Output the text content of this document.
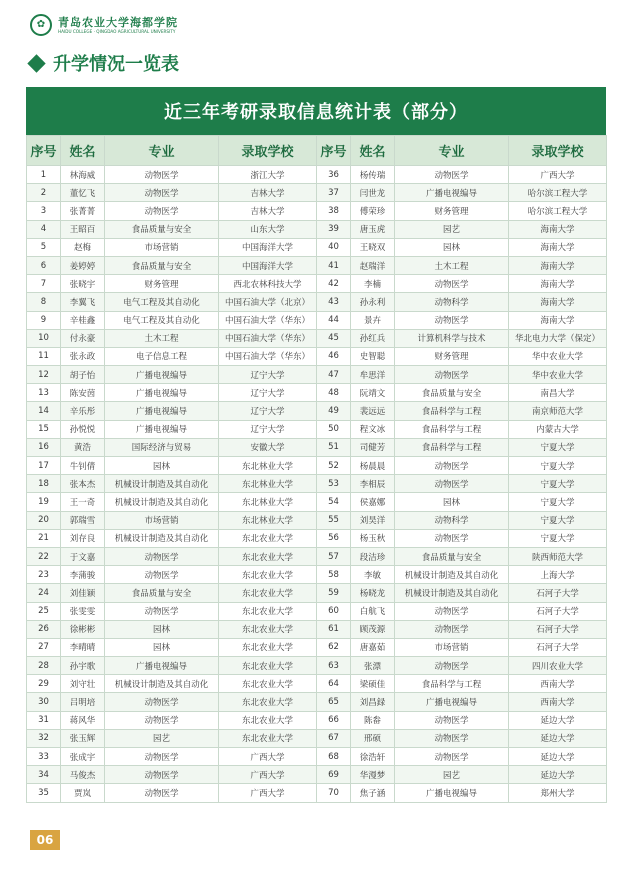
✿	青岛农业大学海都学院
HAIDU COLLEGE · QINGDAO AGRICULTURAL UNIVERSITY
升学情况一览表
近三年考研录取信息统计表（部分）
序号	姓名	专业	录取学校	序号	姓名	专业	录取学校
1	林海威	动物医学	浙江大学	36	杨传瑞	动物医学	广西大学
2	董忆飞	动物医学	吉林大学	37	闫世龙	广播电视编导	哈尔滨工程大学
3	张菁菁	动物医学	吉林大学	38	傅荣珍	财务管理	哈尔滨工程大学
4	王昭百	食品质量与安全	山东大学	39	唐玉虎	园艺	海南大学
5	赵梅	市场营销	中国海洋大学	40	王晓双	园林	海南大学
6	姜婷婷	食品质量与安全	中国海洋大学	41	赵瑞洋	土木工程	海南大学
7	张晓宇	财务管理	西北农林科技大学	42	李楠	动物医学	海南大学
8	李翼飞	电气工程及其自动化	中国石油大学（北京）	43	孙永利	动物科学	海南大学
9	辛桂鑫	电气工程及其自动化	中国石油大学（华东）	44	景卉	动物医学	海南大学
10	付永豪	土木工程	中国石油大学（华东）	45	孙红兵	计算机科学与技术	华北电力大学（保定）
11	张永政	电子信息工程	中国石油大学（华东）	46	史智聪	财务管理	华中农业大学
12	胡子怡	广播电视编导	辽宁大学	47	牟思洋	动物医学	华中农业大学
13	陈安茵	广播电视编导	辽宁大学	48	阮靖文	食品质量与安全	南昌大学
14	辛乐彤	广播电视编导	辽宁大学	49	裴远远	食品科学与工程	南京师范大学
15	孙悦悦	广播电视编导	辽宁大学	50	程文冰	食品科学与工程	内蒙古大学
16	黄浩	国际经济与贸易	安徽大学	51	司健芳	食品科学与工程	宁夏大学
17	牛钊倩	园林	东北林业大学	52	杨晨晨	动物医学	宁夏大学
18	张本杰	机械设计制造及其自动化	东北林业大学	53	李相辰	动物医学	宁夏大学
19	王一奇	机械设计制造及其自动化	东北林业大学	54	侯嘉娜	园林	宁夏大学
20	郭瑞雪	市场营销	东北林业大学	55	刘昊洋	动物科学	宁夏大学
21	刘存良	机械设计制造及其自动化	东北农业大学	56	杨玉秋	动物医学	宁夏大学
22	于文嘉	动物医学	东北农业大学	57	段洁珍	食品质量与安全	陕西师范大学
23	李蒲骏	动物医学	东北农业大学	58	李敏	机械设计制造及其自动化	上海大学
24	刘佳颖	食品质量与安全	东北农业大学	59	杨晓龙	机械设计制造及其自动化	石河子大学
25	张雯雯	动物医学	东北农业大学	60	白航飞	动物医学	石河子大学
26	徐彬彬	园林	东北农业大学	61	顾茂源	动物医学	石河子大学
27	李晴晴	园林	东北农业大学	62	唐嘉茹	市场营销	石河子大学
28	孙宇歌	广播电视编导	东北农业大学	63	张漂	动物医学	四川农业大学
29	刘守壮	机械设计制造及其自动化	东北农业大学	64	梁硕佳	食品科学与工程	西南大学
30	吕明培	动物医学	东北农业大学	65	刘昌録	广播电视编导	西南大学
31	蒋风华	动物医学	东北农业大学	66	陈畚	动物医学	延边大学
32	张玉辉	园艺	东北农业大学	67	邢硕	动物医学	延边大学
33	张成宇	动物医学	广西大学	68	徐浩轩	动物医学	延边大学
34	马俊杰	动物医学	广西大学	69	华漫梦	园艺	延边大学
35	贾岚	动物医学	广西大学	70	焦子涵	广播电视编导	郑州大学
06
